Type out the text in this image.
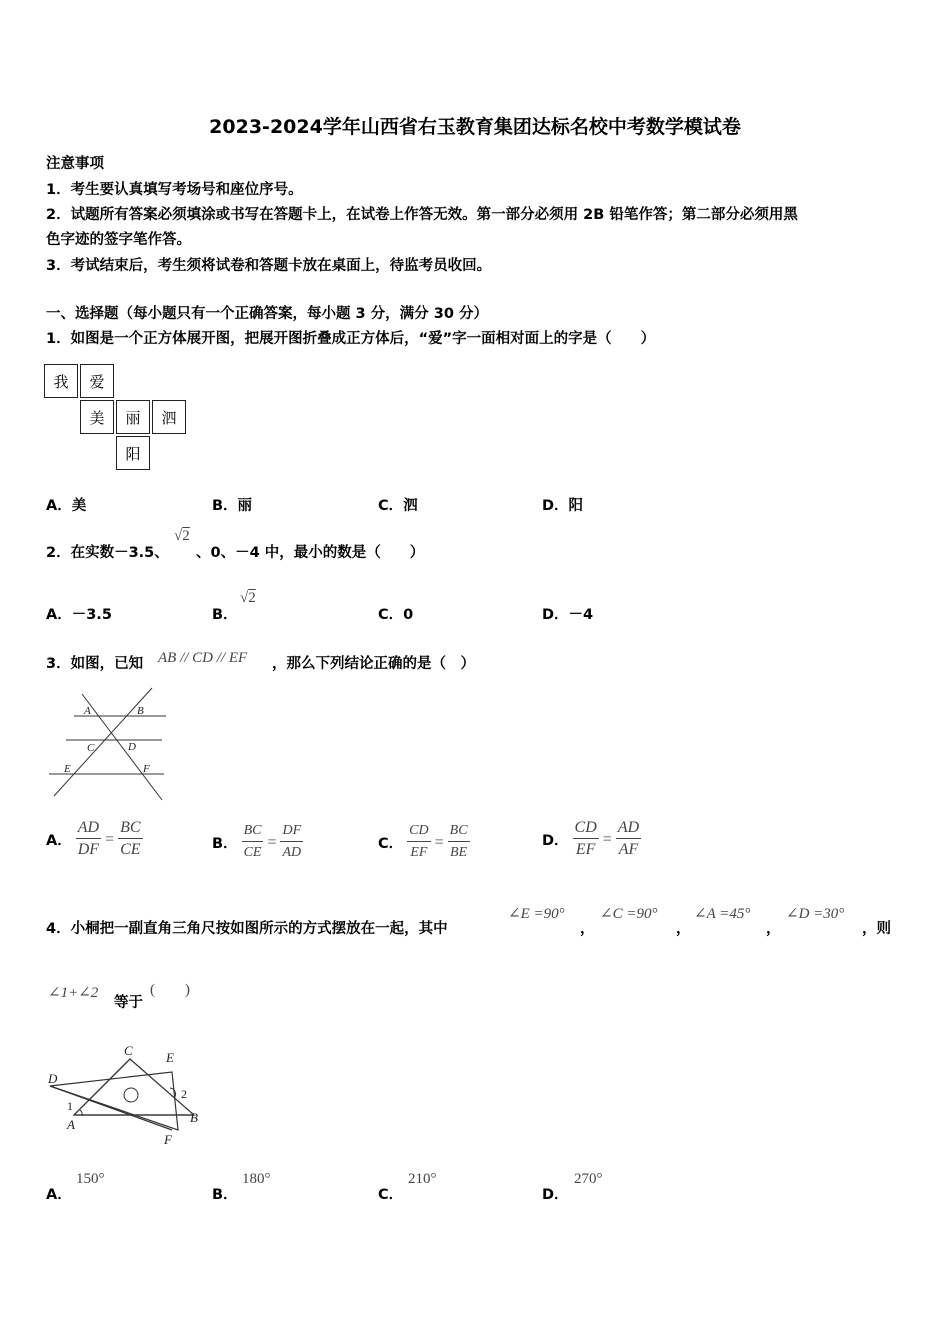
2023-2024学年山西省右玉教育集团达标名校中考数学模试卷
注意事项
1．考生要认真填写考场号和座位序号。
2．试题所有答案必须填涂或书写在答题卡上，在试卷上作答无效。第一部分必须用 2B 铅笔作答；第二部分必须用黑
色字迹的签字笔作答。
3．考试结束后，考生须将试卷和答题卡放在桌面上，待监考员收回。
一、选择题（每小题只有一个正确答案，每小题 3 分，满分 30 分）
1．如图是一个正方体展开图，把展开图折叠成正方体后，“爱”字一面相对面上的字是（　　）
我	爱
美	丽	泗
阳
A．美	B．丽	C．泗	D．阳
2．在实数－3.5、
√2
、0、－4 中，最小的数是（　　）
A．－3.5	B．
√2
C．0	D．－4
3．如图，已知 AB // CD // EF ，那么下列结论正确的是（　）
A	B
C	D
E	F
A． $\frac{AD}{DF} = \frac{BC}{CE}$	B． $\frac{BC}{CE} = \frac{DF}{AD}$	C． $\frac{CD}{EF} = \frac{BC}{BE}$	D． $\frac{CD}{EF} = \frac{AD}{AF}$
4．小桐把一副直角三角尺按如图所示的方式摆放在一起，其中
∠E =90°
，
∠C =90°
，
∠A =45°
，
∠D =30°
，则
∠1+∠2
等于
(　　)
C	E
D
1
2
A	B
F
A．
150°
B．
180°
C．
210°
D．
270°
